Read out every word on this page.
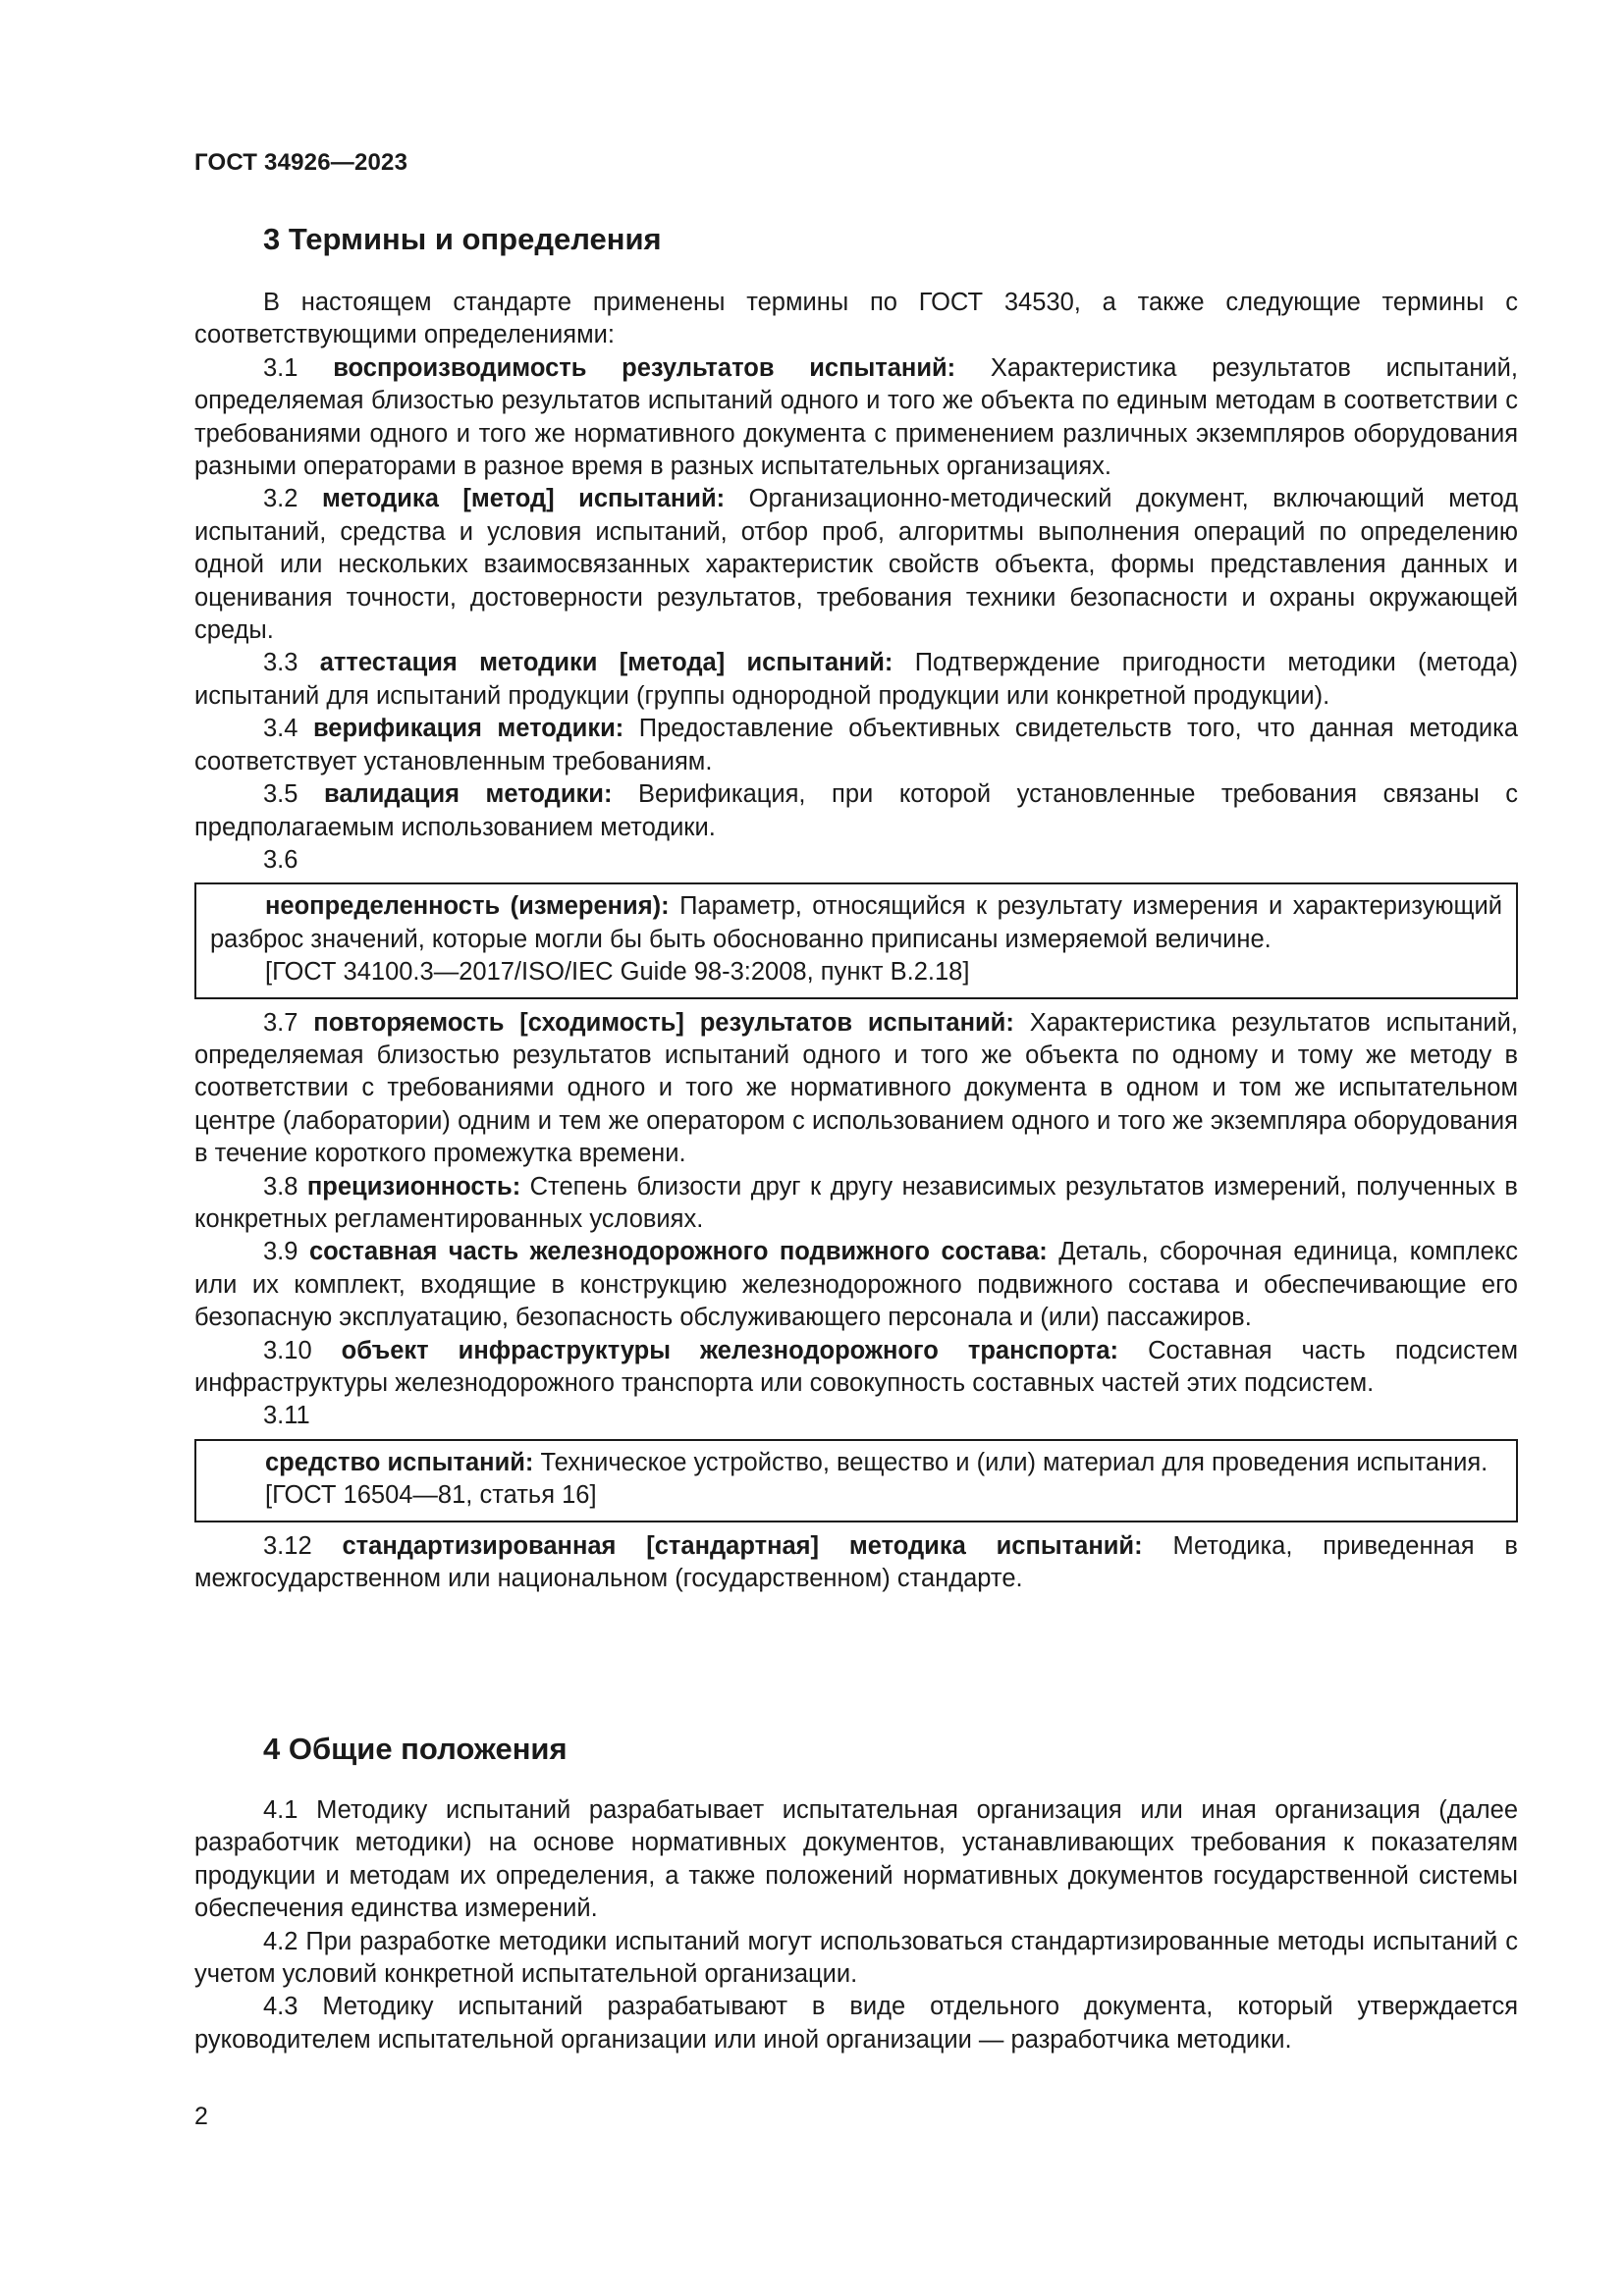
ГОСТ 34926—2023
3 Термины и определения

В настоящем стандарте применены термины по ГОСТ 34530, а также следующие термины с соответствующими определениями:

3.1 воспроизводимость результатов испытаний: Характеристика результатов испытаний, определяемая близостью результатов испытаний одного и того же объекта по единым методам в соответствии с требованиями одного и того же нормативного документа с применением различных экземпляров оборудования разными операторами в разное время в разных испытательных организациях.

3.2 методика [метод] испытаний: Организационно-методический документ, включающий метод испытаний, средства и условия испытаний, отбор проб, алгоритмы выполнения операций по определению одной или нескольких взаимосвязанных характеристик свойств объекта, формы представления данных и оценивания точности, достоверности результатов, требования техники безопасности и охраны окружающей среды.

3.3 аттестация методики [метода] испытаний: Подтверждение пригодности методики (метода) испытаний для испытаний продукции (группы однородной продукции или конкретной продукции).

3.4 верификация методики: Предоставление объективных свидетельств того, что данная методика соответствует установленным требованиям.

3.5 валидация методики: Верификация, при которой установленные требования связаны с предполагаемым использованием методики.

3.6

неопределенность (измерения): Параметр, относящийся к результату измерения и характеризующий разброс значений, которые могли бы быть обоснованно приписаны измеряемой величине.

[ГОСТ 34100.3—2017/ISO/IEC Guide 98-3:2008, пункт B.2.18]

3.7 повторяемость [сходимость] результатов испытаний: Характеристика результатов испытаний, определяемая близостью результатов испытаний одного и того же объекта по одному и тому же методу в соответствии с требованиями одного и того же нормативного документа в одном и том же испытательном центре (лаборатории) одним и тем же оператором с использованием одного и того же экземпляра оборудования в течение короткого промежутка времени.

3.8 прецизионность: Степень близости друг к другу независимых результатов измерений, полученных в конкретных регламентированных условиях.

3.9 составная часть железнодорожного подвижного состава: Деталь, сборочная единица, комплекс или их комплект, входящие в конструкцию железнодорожного подвижного состава и обеспечивающие его безопасную эксплуатацию, безопасность обслуживающего персонала и (или) пассажиров.

3.10 объект инфраструктуры железнодорожного транспорта: Составная часть подсистем инфраструктуры железнодорожного транспорта или совокупность составных частей этих подсистем.

3.11

средство испытаний: Техническое устройство, вещество и (или) материал для проведения испытания.

[ГОСТ 16504—81, статья 16]

3.12 стандартизированная [стандартная] методика испытаний: Методика, приведенная в межгосударственном или национальном (государственном) стандарте.

4 Общие положения

4.1 Методику испытаний разрабатывает испытательная организация или иная организация (далее разработчик методики) на основе нормативных документов, устанавливающих требования к показателям продукции и методам их определения, а также положений нормативных документов государственной системы обеспечения единства измерений.

4.2 При разработке методики испытаний могут использоваться стандартизированные методы испытаний с учетом условий конкретной испытательной организации.

4.3 Методику испытаний разрабатывают в виде отдельного документа, который утверждается руководителем испытательной организации или иной организации — разработчика методики.

2
